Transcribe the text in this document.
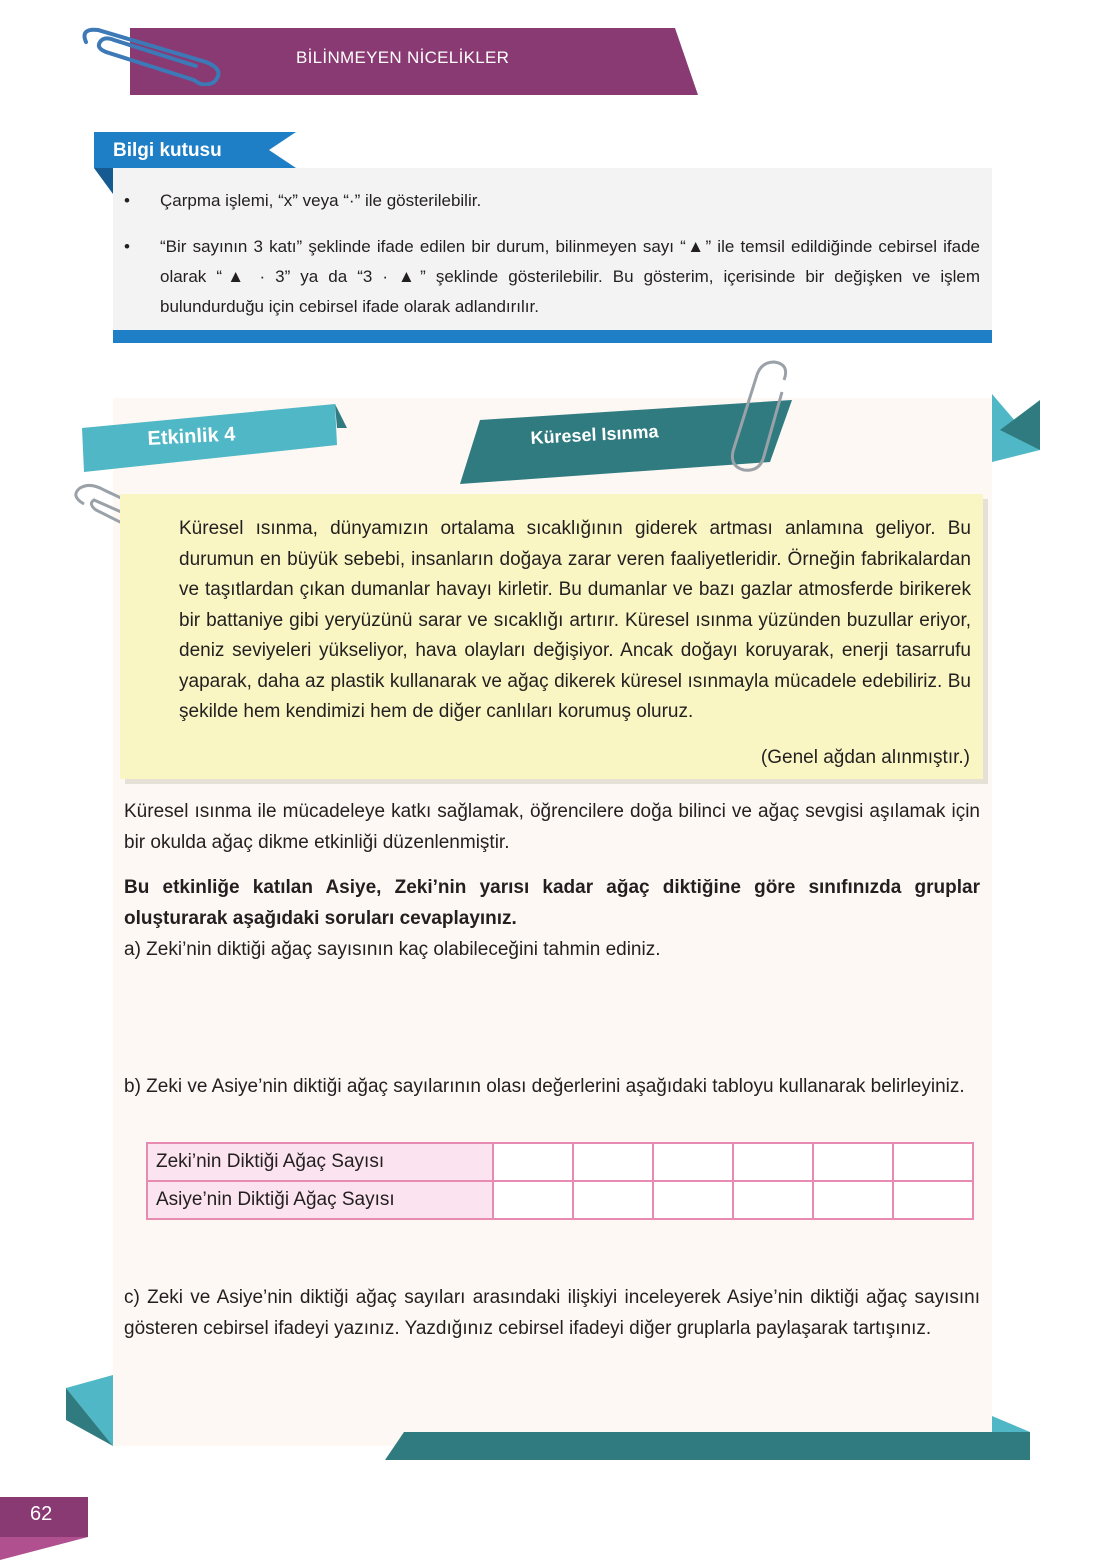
BİLİNMEYEN NİCELİKLER
Bilgi kutusu
•	Çarpma işlemi, “x” veya “·” ile gösterilebilir.
•	“Bir sayının 3 katı” şeklinde ifade edilen bir durum, bilinmeyen sayı “▲” ile temsil edildiğinde cebirsel ifade olarak “▲ · 3” ya da “3 · ▲” şeklinde gösterilebilir. Bu gösterim, içerisinde bir değişken ve işlem bulundurduğu için cebirsel ifade olarak adlandırılır.
Etkinlik 4	Küresel Isınma
Küresel ısınma, dünyamızın ortalama sıcaklığının giderek artması anlamına geliyor. Bu durumun en büyük sebebi, insanların doğaya zarar veren faaliyetleridir. Örneğin fabrikalardan ve taşıtlardan çıkan dumanlar havayı kirletir. Bu dumanlar ve bazı gazlar atmosferde birikerek bir battaniye gibi yeryüzünü sarar ve sıcaklığı artırır. Küresel ısınma yüzünden buzullar eriyor, deniz seviyeleri yükseliyor, hava olayları değişiyor. Ancak doğayı koruyarak, enerji tasarrufu yaparak, daha az plastik kullanarak ve ağaç dikerek küresel ısınmayla mücadele edebiliriz. Bu şekilde hem kendimizi hem de diğer canlıları korumuş oluruz.
(Genel ağdan alınmıştır.)
Küresel ısınma ile mücadeleye katkı sağlamak, öğrencilere doğa bilinci ve ağaç sevgisi aşılamak için bir okulda ağaç dikme etkinliği düzenlenmiştir.
Bu etkinliğe katılan Asiye, Zeki’nin yarısı kadar ağaç diktiğine göre sınıfınızda gruplar oluşturarak aşağıdaki soruları cevaplayınız.
a) Zeki’nin diktiği ağaç sayısının kaç olabileceğini tahmin ediniz.
b) Zeki ve Asiye’nin diktiği ağaç sayılarının olası değerlerini aşağıdaki tabloyu kullanarak belirleyiniz.
Zeki’nin Diktiği Ağaç Sayısı						
Asiye’nin Diktiği Ağaç Sayısı						
c) Zeki ve Asiye’nin diktiği ağaç sayıları arasındaki ilişkiyi inceleyerek Asiye’nin diktiği ağaç sayısını gösteren cebirsel ifadeyi yazınız. Yazdığınız cebirsel ifadeyi diğer gruplarla paylaşarak tartışınız.
62
